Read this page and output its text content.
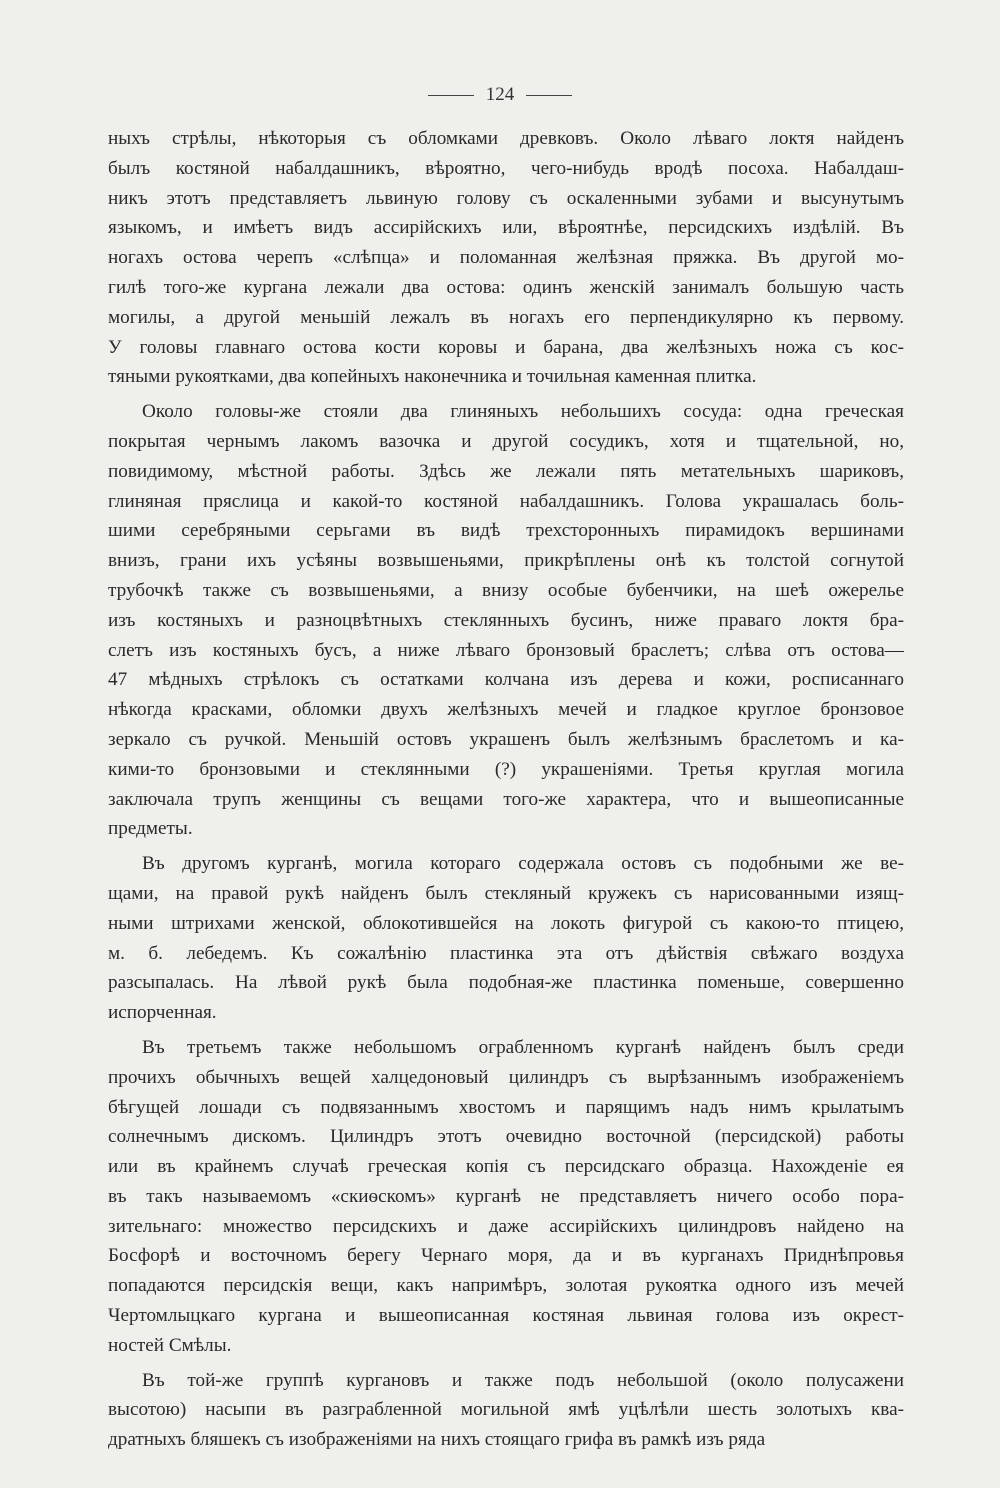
124
ныхъ стрѣлы, нѣкоторыя съ обломками древковъ. Около лѣваго локтя найденъ
былъ костяной набалдашникъ, вѣроятно, чего-нибудь вродѣ посоха. Набалдаш-
никъ этотъ представляетъ львиную голову съ оскаленными зубами и высунутымъ
языкомъ, и имѣетъ видъ ассирійскихъ или, вѣроятнѣе, персидскихъ издѣлій. Въ
ногахъ остова черепъ «слѣпца» и поломанная желѣзная пряжка. Въ другой мо-
гилѣ того-же кургана лежали два остова: одинъ женскій занималъ большую часть
могилы, а другой меньшій лежалъ въ ногахъ его перпендикулярно къ первому.
У головы главнаго остова кости коровы и барана, два желѣзныхъ ножа съ кос-
тяными рукоятками, два копейныхъ наконечника и точильная каменная плитка.
Около головы-же стояли два глиняныхъ небольшихъ сосуда: одна греческая
покрытая чернымъ лакомъ вазочка и другой сосудикъ, хотя и тщательной, но,
повидимому, мѣстной работы. Здѣсь же лежали пять метательныхъ шариковъ,
глиняная пряслица и какой-то костяной набалдашникъ. Голова украшалась боль-
шими серебряными серьгами въ видѣ трехсторонныхъ пирамидокъ вершинами
внизъ, грани ихъ усѣяны возвышеньями, прикрѣплены онѣ къ толстой согнутой
трубочкѣ также съ возвышеньями, а внизу особые бубенчики, на шеѣ ожерелье
изъ костяныхъ и разноцвѣтныхъ стеклянныхъ бусинъ, ниже праваго локтя бра-
слетъ изъ костяныхъ бусъ, а ниже лѣваго бронзовый браслетъ; слѣва отъ остова—
47 мѣдныхъ стрѣлокъ съ остатками колчана изъ дерева и кожи, росписаннаго
нѣкогда красками, обломки двухъ желѣзныхъ мечей и гладкое круглое бронзовое
зеркало съ ручкой. Меньшій остовъ украшенъ былъ желѣзнымъ браслетомъ и ка-
кими-то бронзовыми и стеклянными (?) украшеніями. Третья круглая могила
заключала трупъ женщины съ вещами того-же характера, что и вышеописанные
предметы.
Въ другомъ курганѣ, могила котораго содержала остовъ съ подобными же ве-
щами, на правой рукѣ найденъ былъ стекляный кружекъ съ нарисованными изящ-
ными штрихами женской, облокотившейся на локоть фигурой съ какою-то птицею,
м. б. лебедемъ. Къ сожалѣнію пластинка эта отъ дѣйствія свѣжаго воздуха
разсыпалась. На лѣвой рукѣ была подобная-же пластинка поменьше, совершенно
испорченная.
Въ третьемъ также небольшомъ ограбленномъ курганѣ найденъ былъ среди
прочихъ обычныхъ вещей халцедоновый цилиндръ съ вырѣзаннымъ изображеніемъ
бѣгущей лошади съ подвязаннымъ хвостомъ и парящимъ надъ нимъ крылатымъ
солнечнымъ дискомъ. Цилиндръ этотъ очевидно восточной (персидской) работы
или въ крайнемъ случаѣ греческая копія съ персидскаго образца. Нахожденіе ея
въ такъ называемомъ «скиѳскомъ» курганѣ не представляетъ ничего особо пора-
зительнаго: множество персидскихъ и даже ассирійскихъ цилиндровъ найдено на
Босфорѣ и восточномъ берегу Чернаго моря, да и въ курганахъ Приднѣпровья
попадаются персидскія вещи, какъ напримѣръ, золотая рукоятка одного изъ мечей
Чертомлыцкаго кургана и вышеописанная костяная львиная голова изъ окрест-
ностей Смѣлы.
Въ той-же группѣ кургановъ и также подъ небольшой (около полусажени
высотою) насыпи въ разграбленной могильной ямѣ уцѣлѣли шесть золотыхъ ква-
дратныхъ бляшекъ съ изображеніями на нихъ стоящаго грифа въ рамкѣ изъ ряда
